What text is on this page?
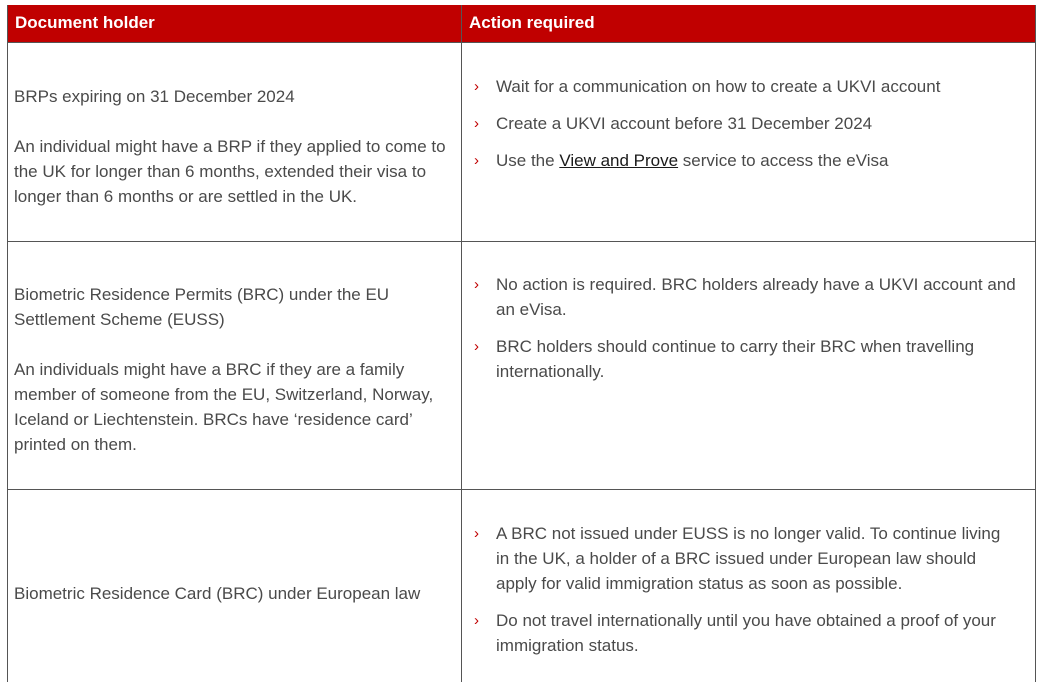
Document holder	Action required

BRPs expiring on 31 December 2024

An individual might have a BRP if they applied to come to the UK for longer than 6 months, extended their visa to longer than 6 months or are settled in the UK.

› Wait for a communication on how to create a UKVI account
› Create a UKVI account before 31 December 2024
› Use the View and Prove service to access the eVisa

Biometric Residence Permits (BRC) under the EU Settlement Scheme (EUSS)

An individuals might have a BRC if they are a family member of someone from the EU, Switzerland, Norway, Iceland or Liechtenstein. BRCs have ‘residence card’ printed on them.

› No action is required. BRC holders already have a UKVI account and an eVisa.
› BRC holders should continue to carry their BRC when travelling internationally.

Biometric Residence Card (BRC) under European law

› A BRC not issued under EUSS is no longer valid. To continue living in the UK, a holder of a BRC issued under European law should apply for valid immigration status as soon as possible.
› Do not travel internationally until you have obtained a proof of your immigration status.
